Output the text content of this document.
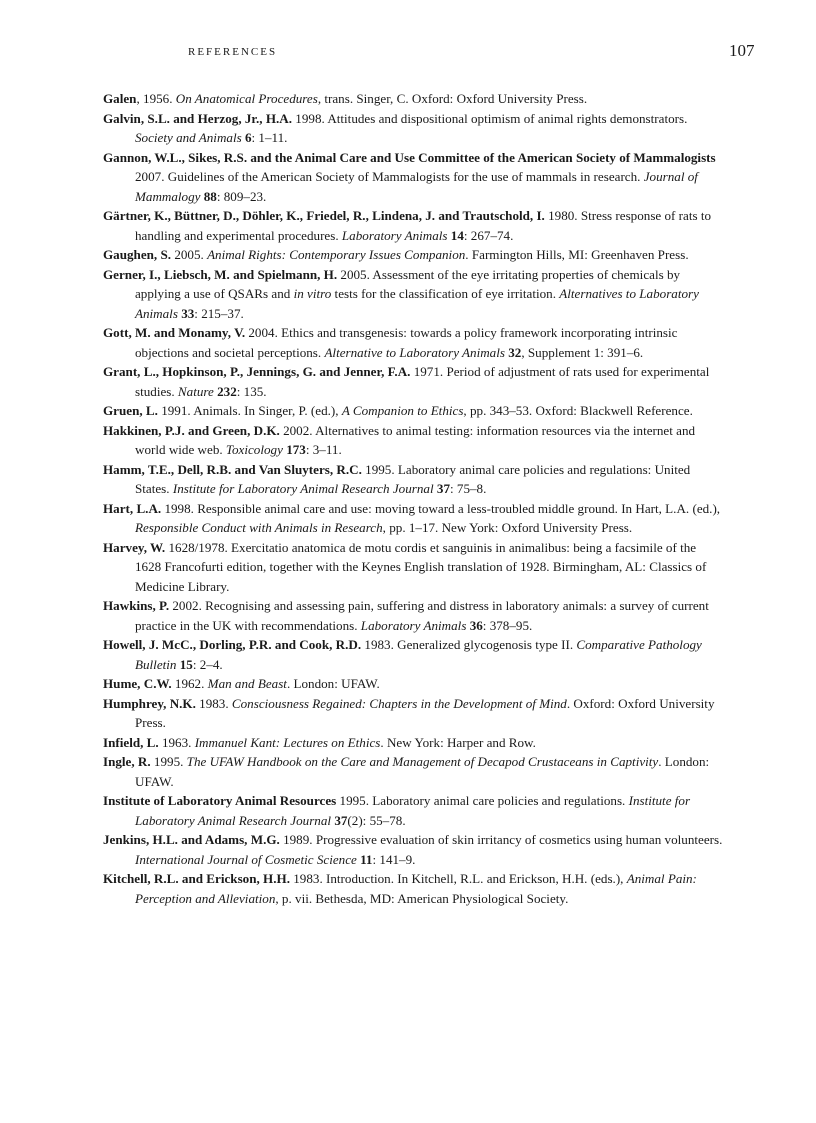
REFERENCES	107

Galen, 1956. On Anatomical Procedures, trans. Singer, C. Oxford: Oxford University Press.

Galvin, S.L. and Herzog, Jr., H.A. 1998. Attitudes and dispositional optimism of animal rights demonstrators. Society and Animals 6: 1–11.

Gannon, W.L., Sikes, R.S. and the Animal Care and Use Committee of the American Society of Mammalogists 2007. Guidelines of the American Society of Mammalogists for the use of mammals in research. Journal of Mammalogy 88: 809–23.

Gärtner, K., Büttner, D., Döhler, K., Friedel, R., Lindena, J. and Trautschold, I. 1980. Stress response of rats to handling and experimental procedures. Laboratory Animals 14: 267–74.

Gaughen, S. 2005. Animal Rights: Contemporary Issues Companion. Farmington Hills, MI: Greenhaven Press.

Gerner, I., Liebsch, M. and Spielmann, H. 2005. Assessment of the eye irritating properties of chemicals by applying a use of QSARs and in vitro tests for the classification of eye irritation. Alternatives to Laboratory Animals 33: 215–37.

Gott, M. and Monamy, V. 2004. Ethics and transgenesis: towards a policy framework incorporating intrinsic objections and societal perceptions. Alternative to Laboratory Animals 32, Supplement 1: 391–6.

Grant, L., Hopkinson, P., Jennings, G. and Jenner, F.A. 1971. Period of adjustment of rats used for experimental studies. Nature 232: 135.

Gruen, L. 1991. Animals. In Singer, P. (ed.), A Companion to Ethics, pp. 343–53. Oxford: Blackwell Reference.

Hakkinen, P.J. and Green, D.K. 2002. Alternatives to animal testing: information resources via the internet and world wide web. Toxicology 173: 3–11.

Hamm, T.E., Dell, R.B. and Van Sluyters, R.C. 1995. Laboratory animal care policies and regulations: United States. Institute for Laboratory Animal Research Journal 37: 75–8.

Hart, L.A. 1998. Responsible animal care and use: moving toward a less-troubled middle ground. In Hart, L.A. (ed.), Responsible Conduct with Animals in Research, pp. 1–17. New York: Oxford University Press.

Harvey, W. 1628/1978. Exercitatio anatomica de motu cordis et sanguinis in animalibus: being a facsimile of the 1628 Francofurti edition, together with the Keynes English translation of 1928. Birmingham, AL: Classics of Medicine Library.

Hawkins, P. 2002. Recognising and assessing pain, suffering and distress in laboratory animals: a survey of current practice in the UK with recommendations. Laboratory Animals 36: 378–95.

Howell, J. McC., Dorling, P.R. and Cook, R.D. 1983. Generalized glycogenosis type II. Comparative Pathology Bulletin 15: 2–4.

Hume, C.W. 1962. Man and Beast. London: UFAW.

Humphrey, N.K. 1983. Consciousness Regained: Chapters in the Development of Mind. Oxford: Oxford University Press.

Infield, L. 1963. Immanuel Kant: Lectures on Ethics. New York: Harper and Row.

Ingle, R. 1995. The UFAW Handbook on the Care and Management of Decapod Crustaceans in Captivity. London: UFAW.

Institute of Laboratory Animal Resources 1995. Laboratory animal care policies and regulations. Institute for Laboratory Animal Research Journal 37(2): 55–78.

Jenkins, H.L. and Adams, M.G. 1989. Progressive evaluation of skin irritancy of cosmetics using human volunteers. International Journal of Cosmetic Science 11: 141–9.

Kitchell, R.L. and Erickson, H.H. 1983. Introduction. In Kitchell, R.L. and Erickson, H.H. (eds.), Animal Pain: Perception and Alleviation, p. vii. Bethesda, MD: American Physiological Society.
